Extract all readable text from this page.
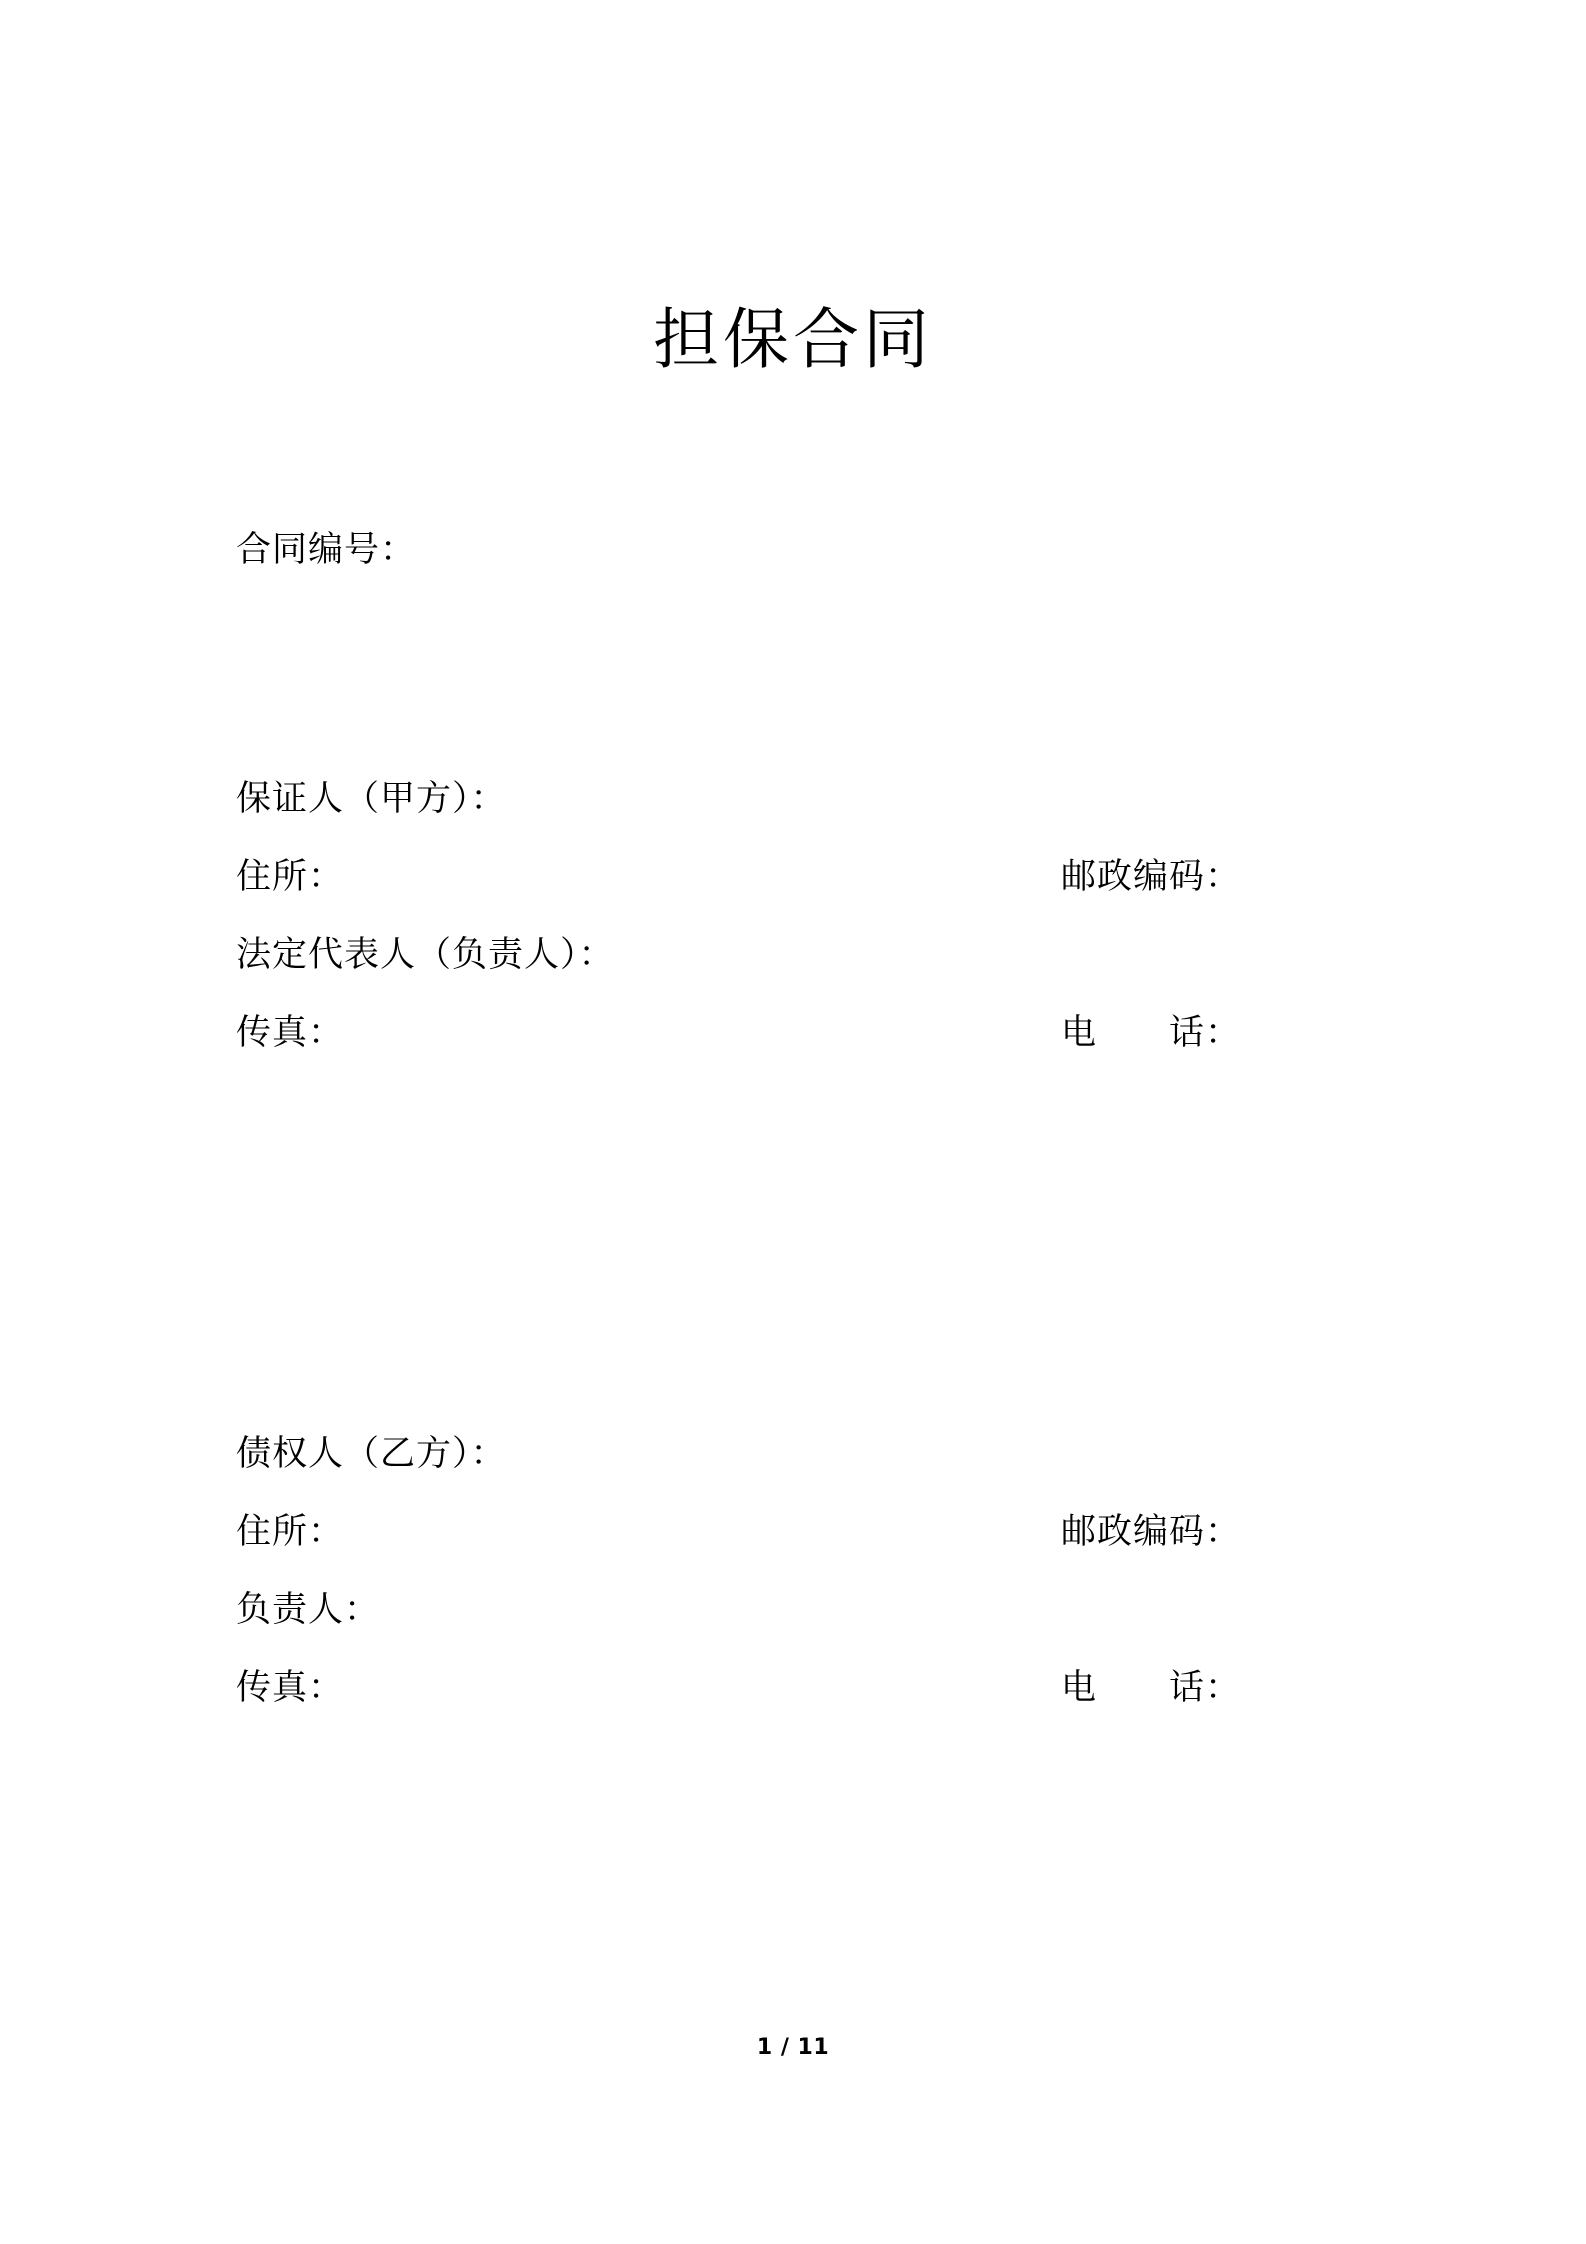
担保合同
合同编号：
保证人（甲方）：
住所：	邮政编码：
法定代表人（负责人）：
传真：	电　　话：
债权人（乙方）：
住所：	邮政编码：
负责人：
传真：	电　　话：
1 / 11
